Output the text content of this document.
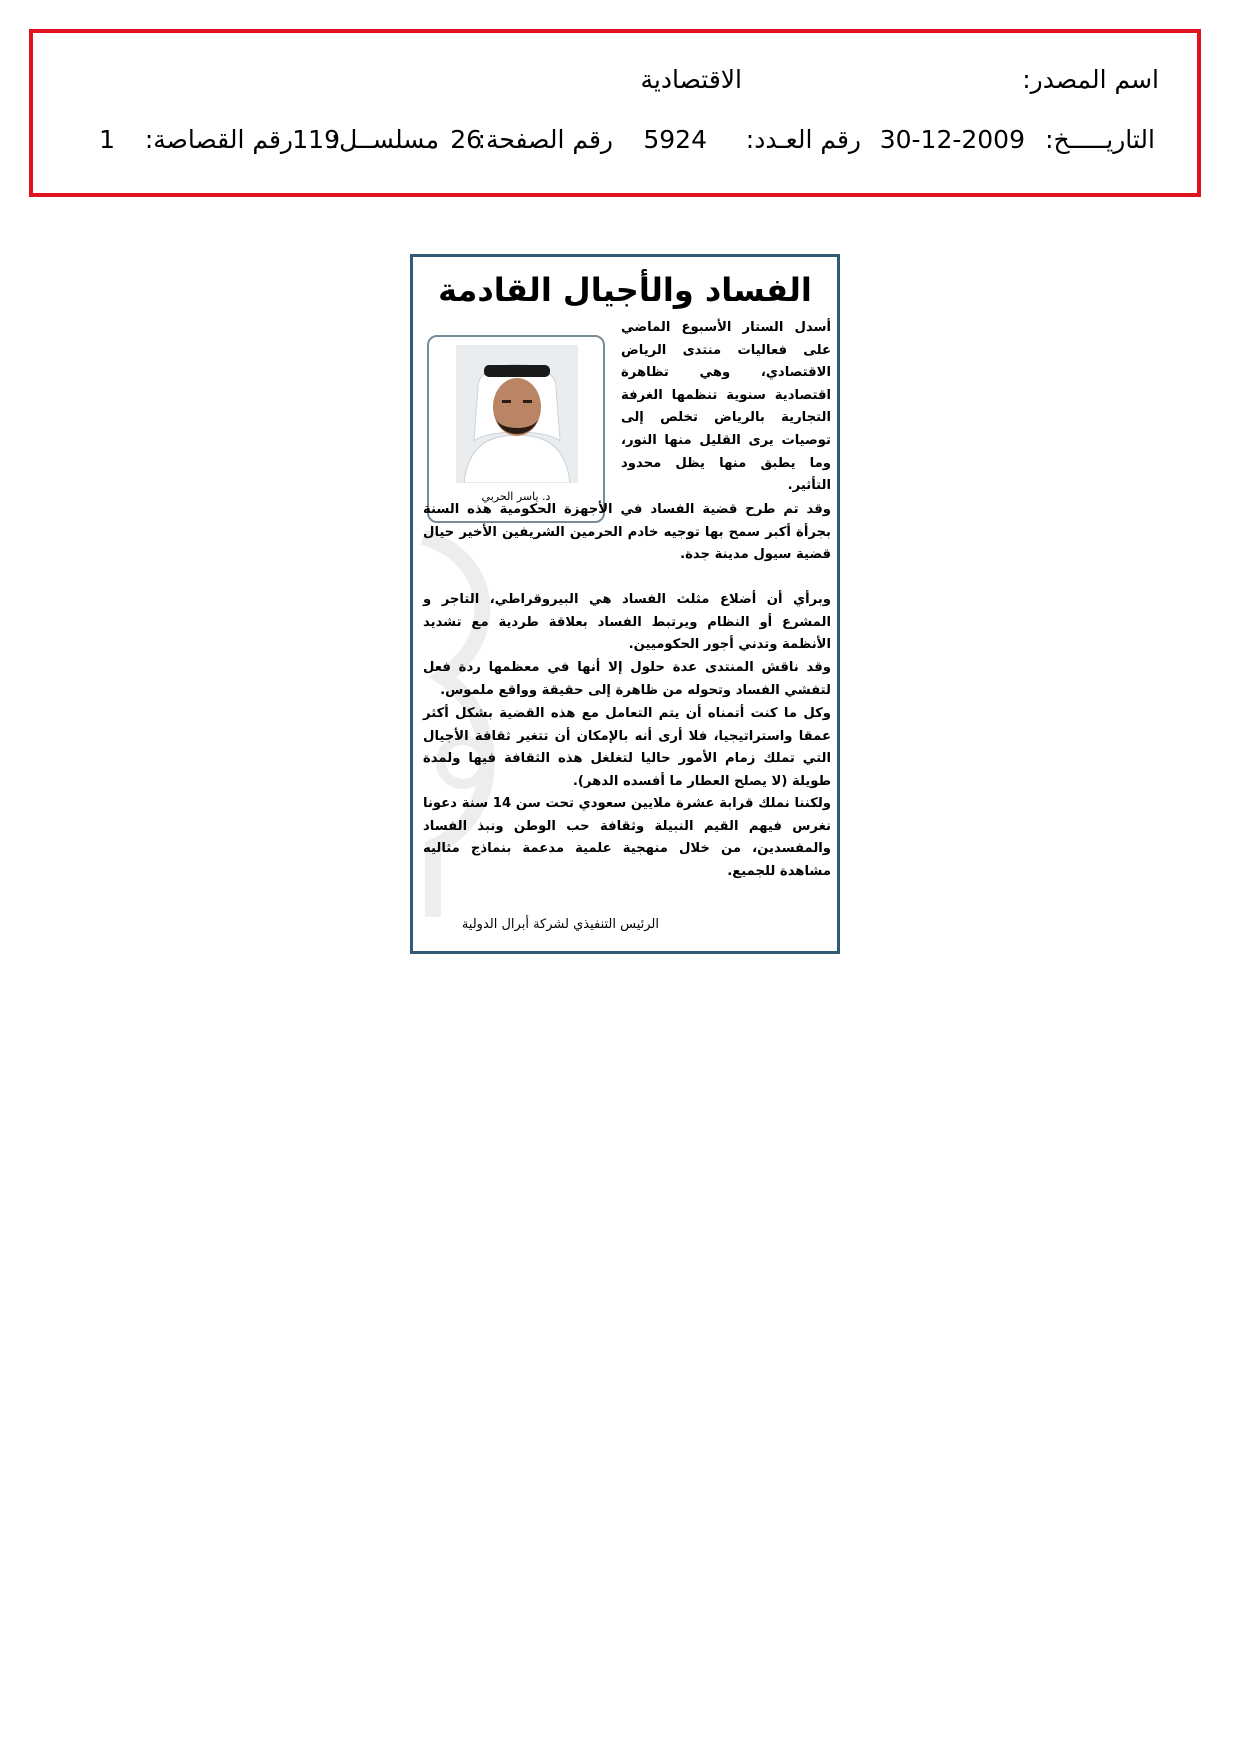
اسم المصدر:
الاقتصادية
التاريـــــخ:
30-12-2009
رقم العـدد:
5924
رقم الصفحة:
26
مسلســل:
119
رقم القصاصة:
1
الفساد والأجيال القادمة
د. ياسر الحربي

أسدل الستار الأسبوع الماضي على فعاليات منتدى الرياض الاقتصادي، وهي تظاهرة اقتصادية سنوية تنظمها الغرفة التجارية بالرياض تخلص إلى توصيات يرى القليل منها النور، وما يطبق منها يظل محدود التأثير.

وقد تم طرح قضية الفساد في الأجهزة الحكومية هذه السنة بجرأة أكبر سمح بها توجيه خادم الحرمين الشريفين الأخير حيال قضية سيول مدينة جدة.

وبرأي أن أضلاع مثلث الفساد هي البيروقراطي، التاجر و المشرع أو النظام ويرتبط الفساد بعلاقة طردية مع تشديد الأنظمة وتدني أجور الحكوميين.

وقد ناقش المنتدى عدة حلول إلا أنها في معظمها ردة فعل لتفشي الفساد وتحوله من ظاهرة إلى حقيقة وواقع ملموس.

وكل ما كنت أتمناه أن يتم التعامل مع هذه القضية بشكل أكثر عمقا واستراتيجيا، فلا أرى أنه بالإمكان أن تتغير ثقافة الأجيال التي تملك زمام الأمور حاليا لتغلغل هذه الثقافة فيها ولمدة طويلة (لا يصلح العطار ما أفسده الدهر).

ولكننا نملك قرابة عشرة ملايين سعودي تحت سن 14 سنة دعونا نغرس فيهم القيم النبيلة وثقافة حب الوطن ونبذ الفساد والمفسدين، من خلال منهجية علمية مدعمة بنماذج مثاليه مشاهدة للجميع.

الرئيس التنفيذي لشركة أبرال الدولية
